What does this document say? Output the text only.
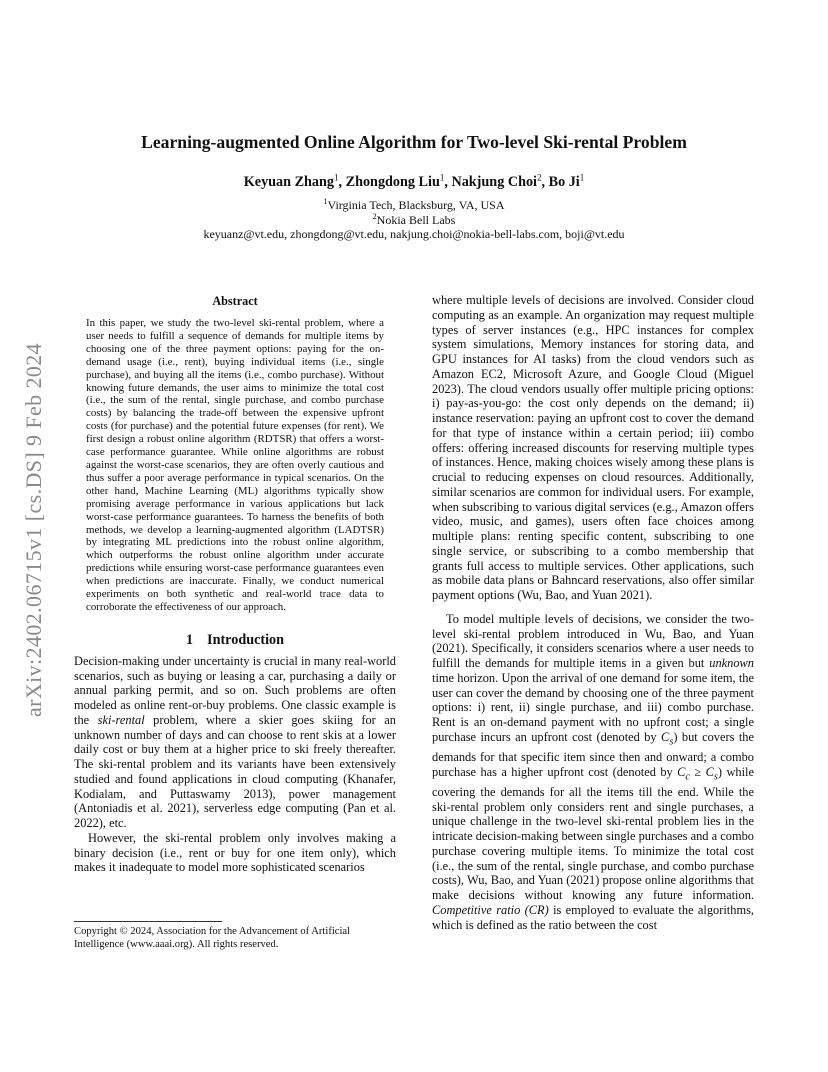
arXiv:2402.06715v1 [cs.DS] 9 Feb 2024
Learning-augmented Online Algorithm for Two-level Ski-rental Problem
Keyuan Zhang$^1$, Zhongdong Liu$^1$, Nakjung Choi$^2$, Bo Ji$^1$
$^1$Virginia Tech, Blacksburg, VA, USA
$^2$Nokia Bell Labs
keyuanz@vt.edu, zhongdong@vt.edu, nakjung.choi@nokia-bell-labs.com, boji@vt.edu
Abstract
In this paper, we study the two-level ski-rental problem, where a user needs to fulfill a sequence of demands for multiple items by choosing one of the three payment options: paying for the on-demand usage (i.e., rent), buying individual items (i.e., single purchase), and buying all the items (i.e., combo purchase). Without knowing future demands, the user aims to minimize the total cost (i.e., the sum of the rental, single purchase, and combo purchase costs) by balancing the trade-off between the expensive upfront costs (for purchase) and the potential future expenses (for rent). We first design a robust online algorithm (RDTSR) that offers a worst-case performance guarantee. While online algorithms are robust against the worst-case scenarios, they are often overly cautious and thus suffer a poor average performance in typical scenarios. On the other hand, Machine Learning (ML) algorithms typically show promising average performance in various applications but lack worst-case performance guarantees. To harness the benefits of both methods, we develop a learning-augmented algorithm (LADTSR) by integrating ML predictions into the robust online algorithm, which outperforms the robust online algorithm under accurate predictions while ensuring worst-case performance guarantees even when predictions are inaccurate. Finally, we conduct numerical experiments on both synthetic and real-world trace data to corroborate the effectiveness of our approach.
1 Introduction

Decision-making under uncertainty is crucial in many real-world scenarios, such as buying or leasing a car, purchasing a daily or annual parking permit, and so on. Such problems are often modeled as online rent-or-buy problems. One classic example is the ski-rental problem, where a skier goes skiing for an unknown number of days and can choose to rent skis at a lower daily cost or buy them at a higher price to ski freely thereafter. The ski-rental problem and its variants have been extensively studied and found applications in cloud computing (Khanafer, Kodialam, and Puttaswamy 2013), power management (Antoniadis et al. 2021), serverless edge computing (Pan et al. 2022), etc.

However, the ski-rental problem only involves making a binary decision (i.e., rent or buy for one item only), which makes it inadequate to model more sophisticated scenarios

where multiple levels of decisions are involved. Consider cloud computing as an example. An organization may request multiple types of server instances (e.g., HPC instances for complex system simulations, Memory instances for storing data, and GPU instances for AI tasks) from the cloud vendors such as Amazon EC2, Microsoft Azure, and Google Cloud (Miguel 2023). The cloud vendors usually offer multiple pricing options: i) pay-as-you-go: the cost only depends on the demand; ii) instance reservation: paying an upfront cost to cover the demand for that type of instance within a certain period; iii) combo offers: offering increased discounts for reserving multiple types of instances. Hence, making choices wisely among these plans is crucial to reducing expenses on cloud resources. Additionally, similar scenarios are common for individual users. For example, when subscribing to various digital services (e.g., Amazon offers video, music, and games), users often face choices among multiple plans: renting specific content, subscribing to one single service, or subscribing to a combo membership that grants full access to multiple services. Other applications, such as mobile data plans or Bahncard reservations, also offer similar payment options (Wu, Bao, and Yuan 2021).

To model multiple levels of decisions, we consider the two-level ski-rental problem introduced in Wu, Bao, and Yuan (2021). Specifically, it considers scenarios where a user needs to fulfill the demands for multiple items in a given but unknown time horizon. Upon the arrival of one demand for some item, the user can cover the demand by choosing one of the three payment options: i) rent, ii) single purchase, and iii) combo purchase. Rent is an on-demand payment with no upfront cost; a single purchase incurs an upfront cost (denoted by $C_s$) but covers the demands for that specific item since then and onward; a combo purchase has a higher upfront cost (denoted by $C_c \ge C_s$) while covering the demands for all the items till the end. While the ski-rental problem only considers rent and single purchases, a unique challenge in the two-level ski-rental problem lies in the intricate decision-making between single purchases and a combo purchase covering multiple items. To minimize the total cost (i.e., the sum of the rental, single purchase, and combo purchase costs), Wu, Bao, and Yuan (2021) propose online algorithms that make decisions without knowing any future information. Competitive ratio (CR) is employed to evaluate the algorithms, which is defined as the ratio between the cost

Copyright © 2024, Association for the Advancement of Artificial Intelligence (www.aaai.org). All rights reserved.
